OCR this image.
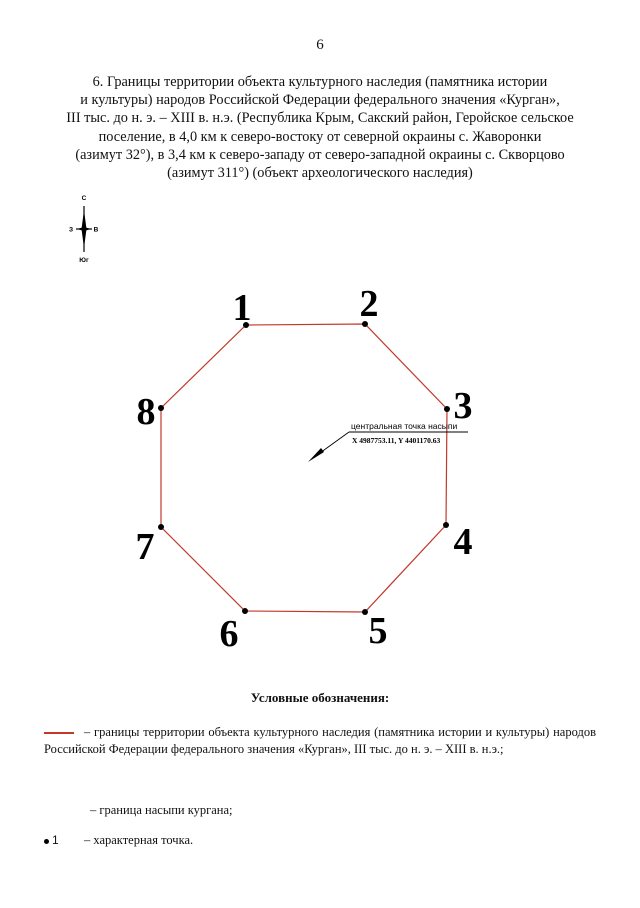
6
6. Границы территории объекта культурного наследия (памятника истории
и культуры) народов Российской Федерации федерального значения «Курган»,
III тыс. до н. э. – XIII в. н.э. (Республика Крым, Сакский район, Геройское сельское
поселение, в 4,0 км к северо-востоку от северной окраины с. Жаворонки
(азимут 32°), в 3,4 км к северо-западу от северо-западной окраины с. Скворцово
(азимут 311°) (объект археологического наследия)
С
З	В
Юг
1	2
3
4
5
6
7
8	центральная точка насыпи
X 4987753.11, Y 4401170.63
Условные обозначения:
– границы территории объекта культурного наследия (памятника истории и культуры) народов Российской Федерации федерального значения «Курган», III тыс. до н. э. – XIII в. н.э.;
– граница насыпи кургана;
1 – характерная точка.
